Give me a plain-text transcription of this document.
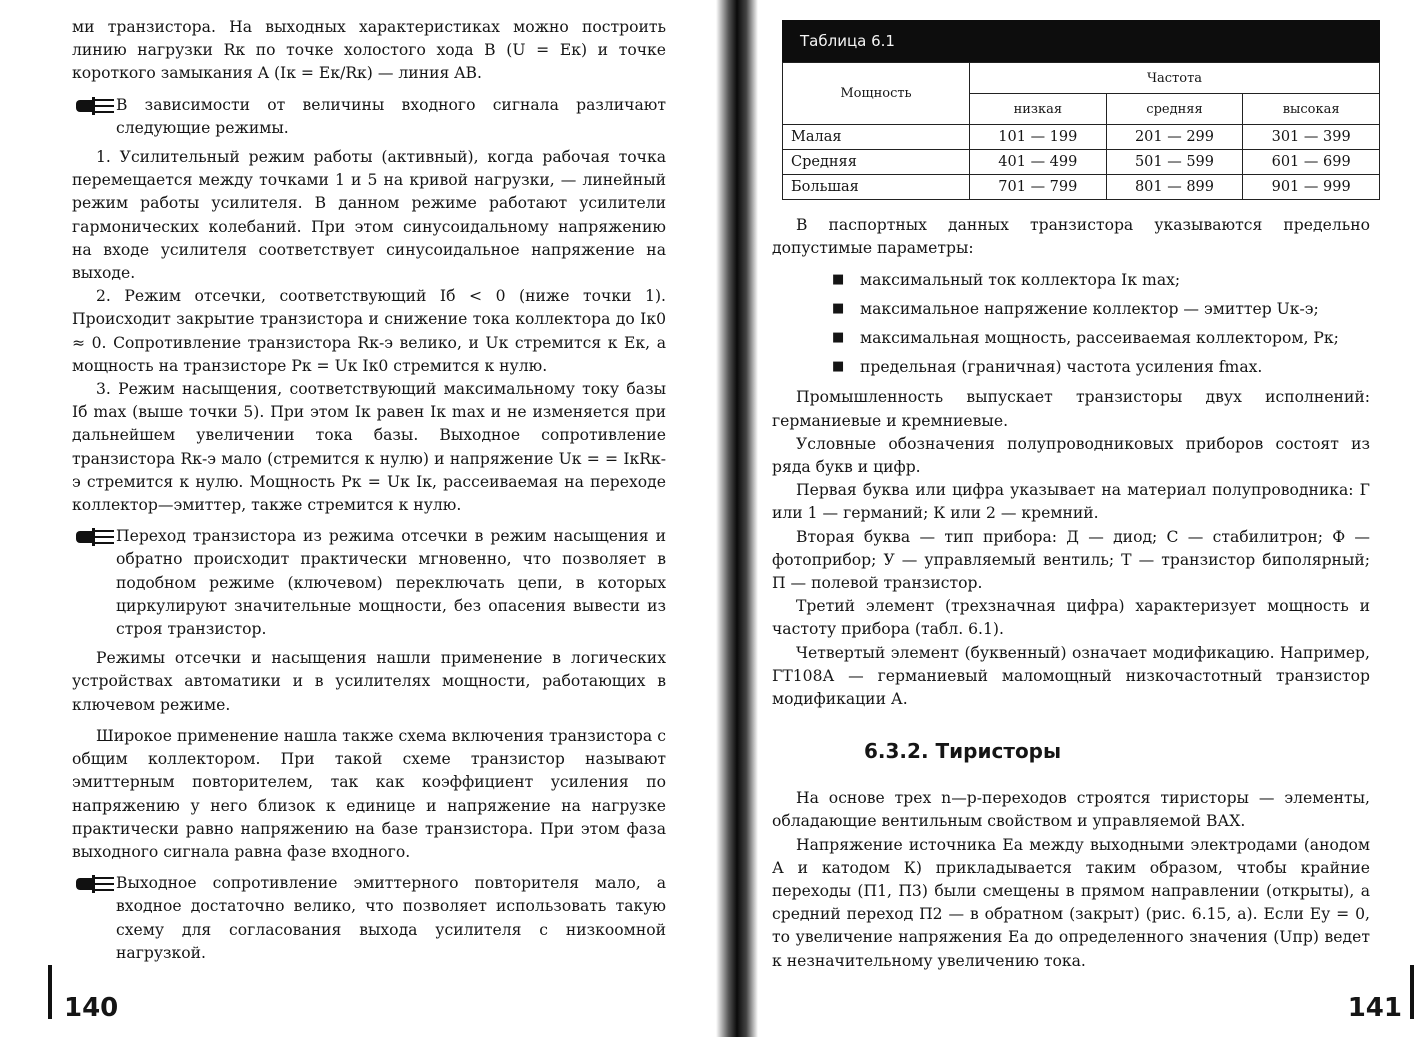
ми транзистора. На выходных характеристиках можно построить линию нагрузки Rк по точке холостого хода B (U = Eк) и точке короткого замыкания A (Iк = Eк/Rк) — линия AB.

В зависимости от величины входного сигнала различают следующие режимы.

1. Усилительный режим работы (активный), когда рабочая точка перемещается между точками 1 и 5 на кривой нагрузки, — линейный режим работы усилителя. В данном режиме работают усилители гармонических колебаний. При этом синусоидальному напряжению на входе усилителя соответствует синусоидальное напряжение на выходе.

2. Режим отсечки, соответствующий Iб < 0 (ниже точки 1). Происходит закрытие транзистора и снижение тока коллектора до Iк0 ≈ 0. Сопротивление транзистора Rк-э велико, и Uк стремится к Eк, а мощность на транзисторе Pк = Uк Iк0 стремится к нулю.

3. Режим насыщения, соответствующий максимальному току базы Iб max (выше точки 5). При этом Iк равен Iк max и не изменяется при дальнейшем увеличении тока базы. Выходное сопротивление транзистора Rк-э мало (стремится к нулю) и напряжение Uк = = IкRк-э стремится к нулю. Мощность Pк = Uк Iк, рассеиваемая на переходе коллектор—эмиттер, также стремится к нулю.

Переход транзистора из режима отсечки в режим насыщения и обратно происходит практически мгновенно, что позволяет в подобном режиме (ключевом) переключать цепи, в которых циркулируют значительные мощности, без опасения вывести из строя транзистор.

Режимы отсечки и насыщения нашли применение в логических устройствах автоматики и в усилителях мощности, работающих в ключевом режиме.

Широкое применение нашла также схема включения транзистора с общим коллектором. При такой схеме транзистор называют эмиттерным повторителем, так как коэффициент усиления по напряжению у него близок к единице и напряжение на нагрузке практически равно напряжению на базе транзистора. При этом фаза выходного сигнала равна фазе входного.

Выходное сопротивление эмиттерного повторителя мало, а входное достаточно велико, что позволяет использовать такую схему для согласования выхода усилителя с низкоомной нагрузкой.

140
Таблица 6.1
Мощность	Частота		
	низкая	средняя	высокая
Малая	101 — 199	201 — 299	301 — 399
Средняя	401 — 499	501 — 599	601 — 699
Большая	701 — 799	801 — 899	901 — 999

В паспортных данных транзистора указываются предельно допустимые параметры:

■ максимальный ток коллектора Iк max;
■ максимальное напряжение коллектор — эмиттер Uк-э;
■ максимальная мощность, рассеиваемая коллектором, Pк;
■ предельная (граничная) частота усиления fmax.

Промышленность выпускает транзисторы двух исполнений: германиевые и кремниевые.

Условные обозначения полупроводниковых приборов состоят из ряда букв и цифр.

Первая буква или цифра указывает на материал полупроводника: Г или 1 — германий; К или 2 — кремний.

Вторая буква — тип прибора: Д — диод; С — стабилитрон; Ф — фотоприбор; У — управляемый вентиль; Т — транзистор биполярный; П — полевой транзистор.

Третий элемент (трехзначная цифра) характеризует мощность и частоту прибора (табл. 6.1).

Четвертый элемент (буквенный) означает модификацию. Например, ГТ108А — германиевый маломощный низкочастотный транзистор модификации А.

6.3.2. Тиристоры

На основе трех n—p-переходов строятся тиристоры — элементы, обладающие вентильным свойством и управляемой ВАХ.

Напряжение источника Eа между выходными электродами (анодом А и катодом К) прикладывается таким образом, чтобы крайние переходы (П1, П3) были смещены в прямом направлении (открыты), а средний переход П2 — в обратном (закрыт) (рис. 6.15, а). Если Eу = 0, то увеличение напряжения Eа до определенного значения (Uпр) ведет к незначительному увеличению тока.

141
